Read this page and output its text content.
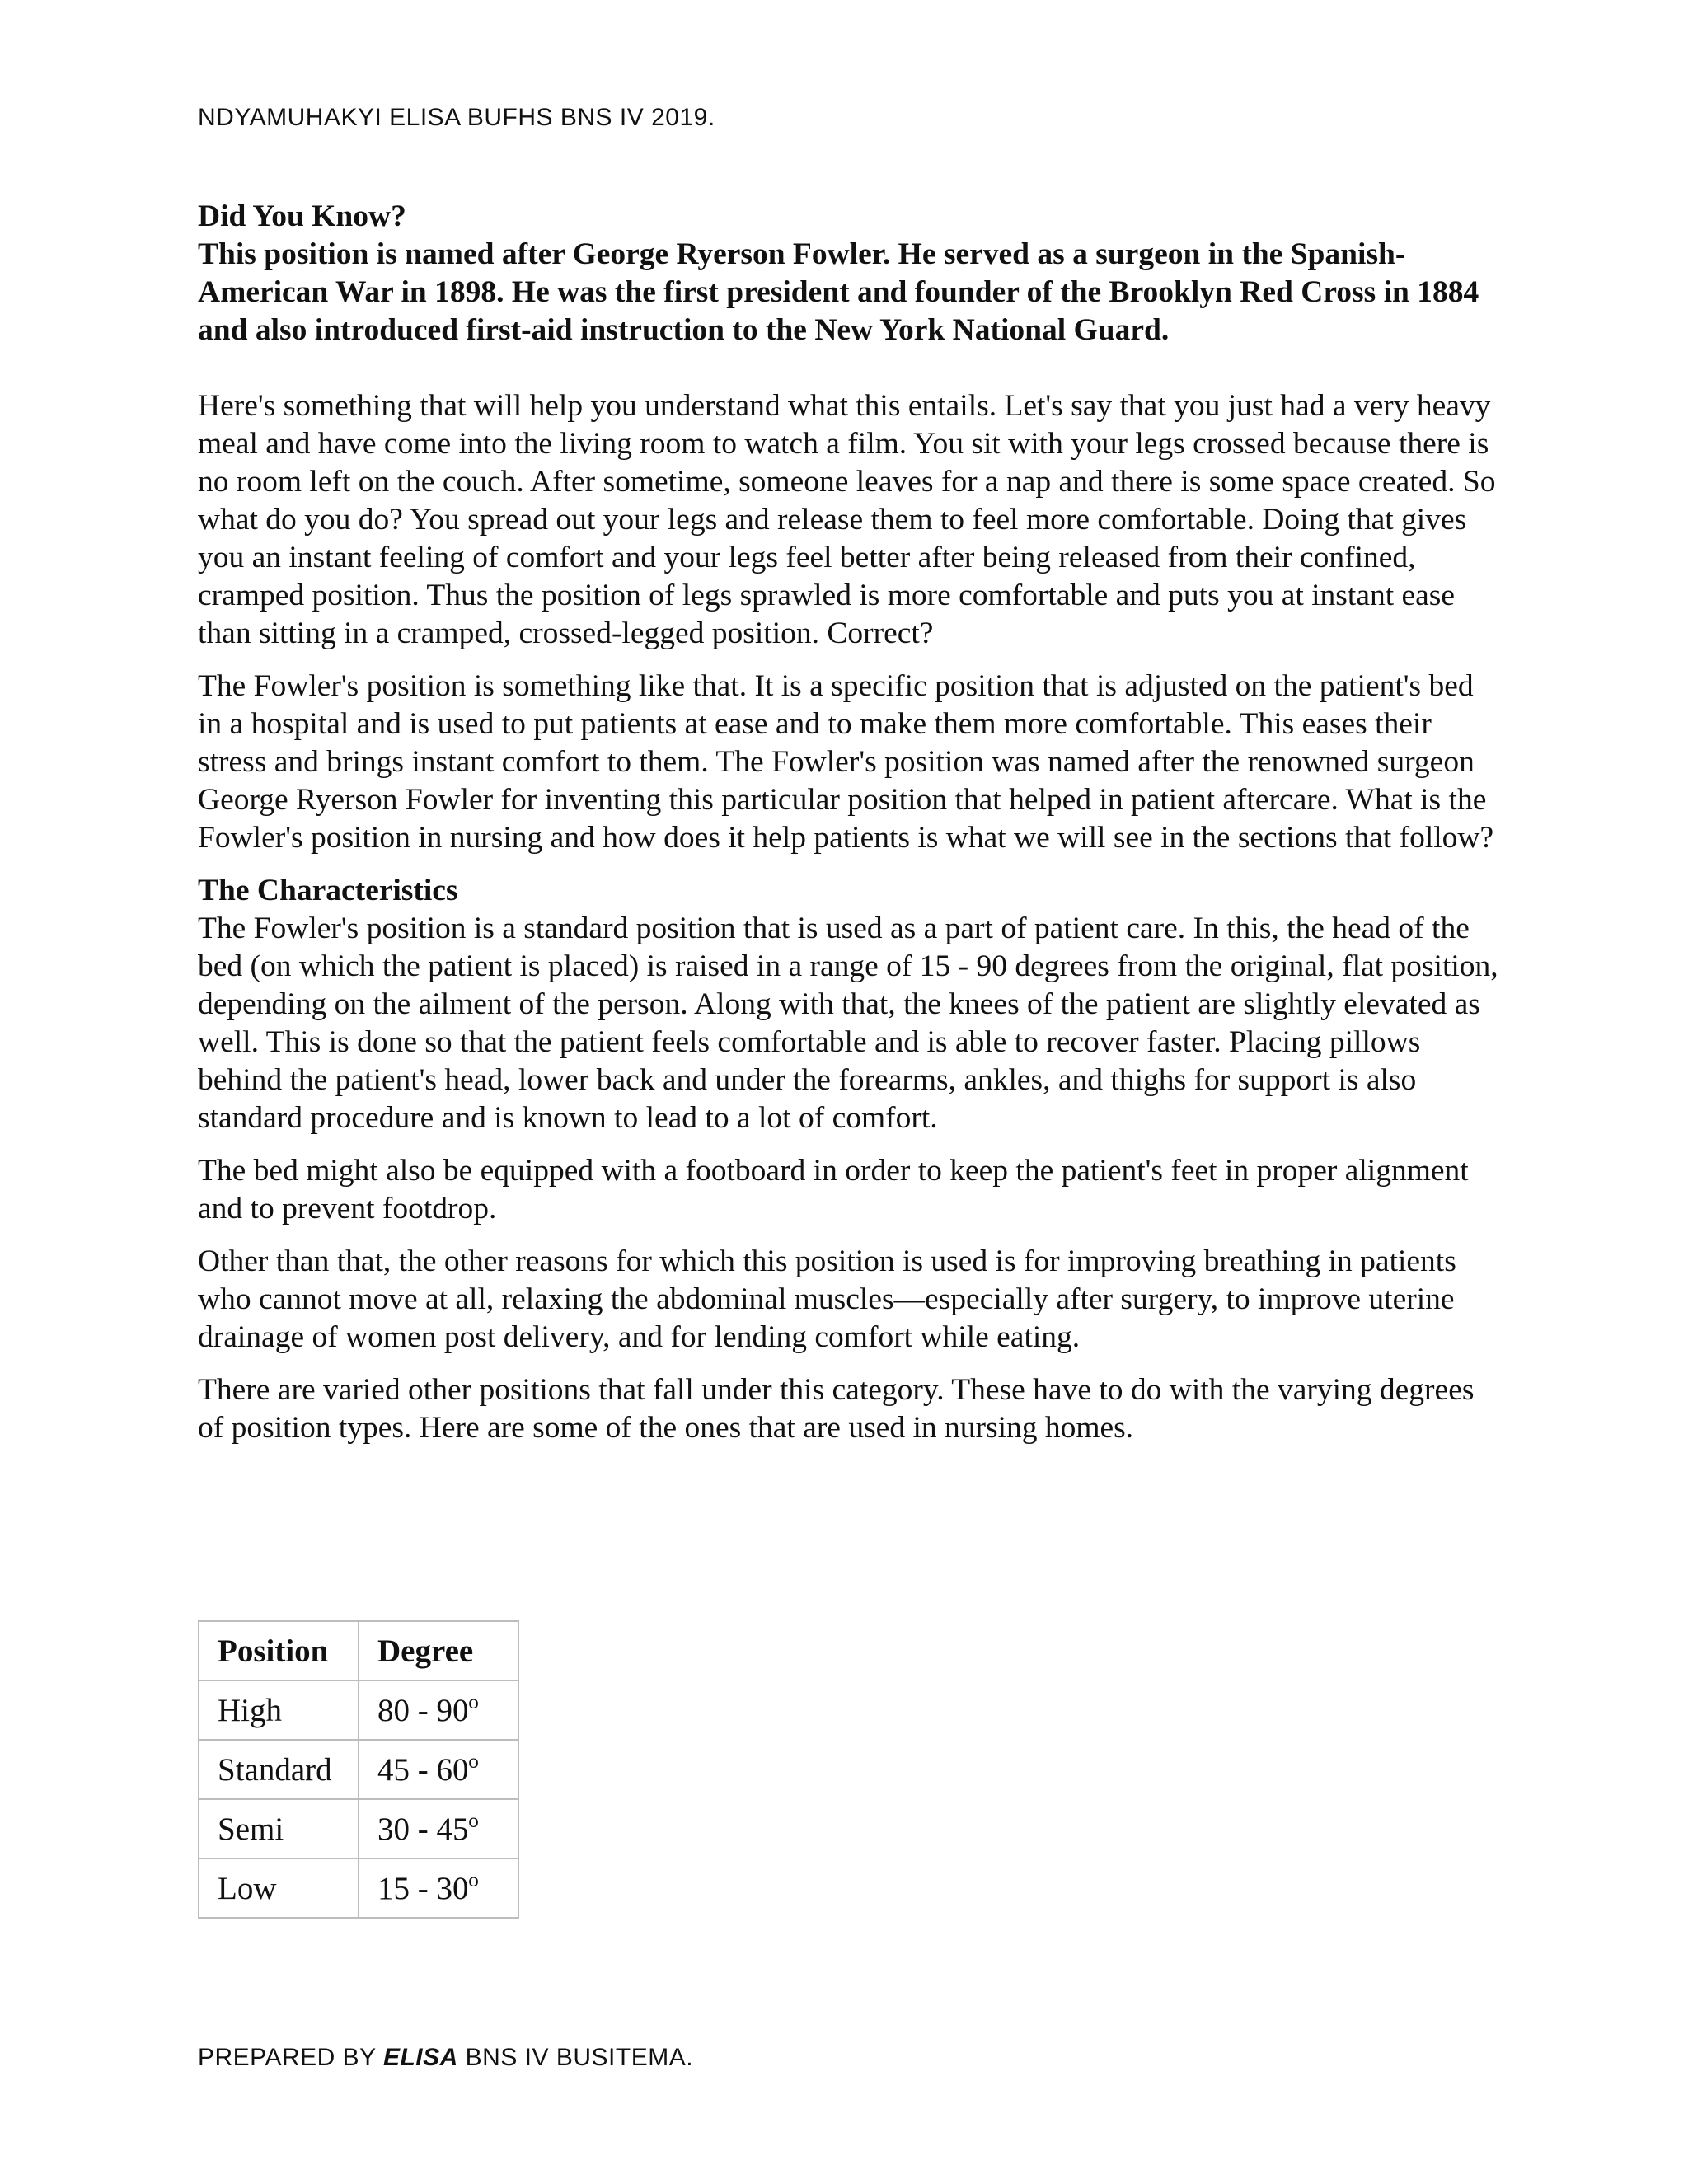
NDYAMUHAKYI ELISA BUFHS BNS IV 2019.

Did You Know?

This position is named after George Ryerson Fowler. He served as a surgeon in the Spanish-American War in 1898. He was the first president and founder of the Brooklyn Red Cross in 1884 and also introduced first-aid instruction to the New York National Guard.

Here's something that will help you understand what this entails. Let's say that you just had a very heavy meal and have come into the living room to watch a film. You sit with your legs crossed because there is no room left on the couch. After sometime, someone leaves for a nap and there is some space created. So what do you do? You spread out your legs and release them to feel more comfortable. Doing that gives you an instant feeling of comfort and your legs feel better after being released from their confined, cramped position. Thus the position of legs sprawled is more comfortable and puts you at instant ease than sitting in a cramped, crossed-legged position. Correct?

The Fowler's position is something like that. It is a specific position that is adjusted on the patient's bed in a hospital and is used to put patients at ease and to make them more comfortable. This eases their stress and brings instant comfort to them. The Fowler's position was named after the renowned surgeon George Ryerson Fowler for inventing this particular position that helped in patient aftercare. What is the Fowler's position in nursing and how does it help patients is what we will see in the sections that follow?

The Characteristics

The Fowler's position is a standard position that is used as a part of patient care. In this, the head of the bed (on which the patient is placed) is raised in a range of 15 - 90 degrees from the original, flat position, depending on the ailment of the person. Along with that, the knees of the patient are slightly elevated as well. This is done so that the patient feels comfortable and is able to recover faster. Placing pillows behind the patient's head, lower back and under the forearms, ankles, and thighs for support is also standard procedure and is known to lead to a lot of comfort.

The bed might also be equipped with a footboard in order to keep the patient's feet in proper alignment and to prevent footdrop.

Other than that, the other reasons for which this position is used is for improving breathing in patients who cannot move at all, relaxing the abdominal muscles—especially after surgery, to improve uterine drainage of women post delivery, and for lending comfort while eating.

There are varied other positions that fall under this category. These have to do with the varying degrees of position types. Here are some of the ones that are used in nursing homes.

Position	Degree
High	80 - 90º
Standard	45 - 60º
Semi	30 - 45º
Low	15 - 30º
PREPARED BY ELISA BNS IV BUSITEMA.
